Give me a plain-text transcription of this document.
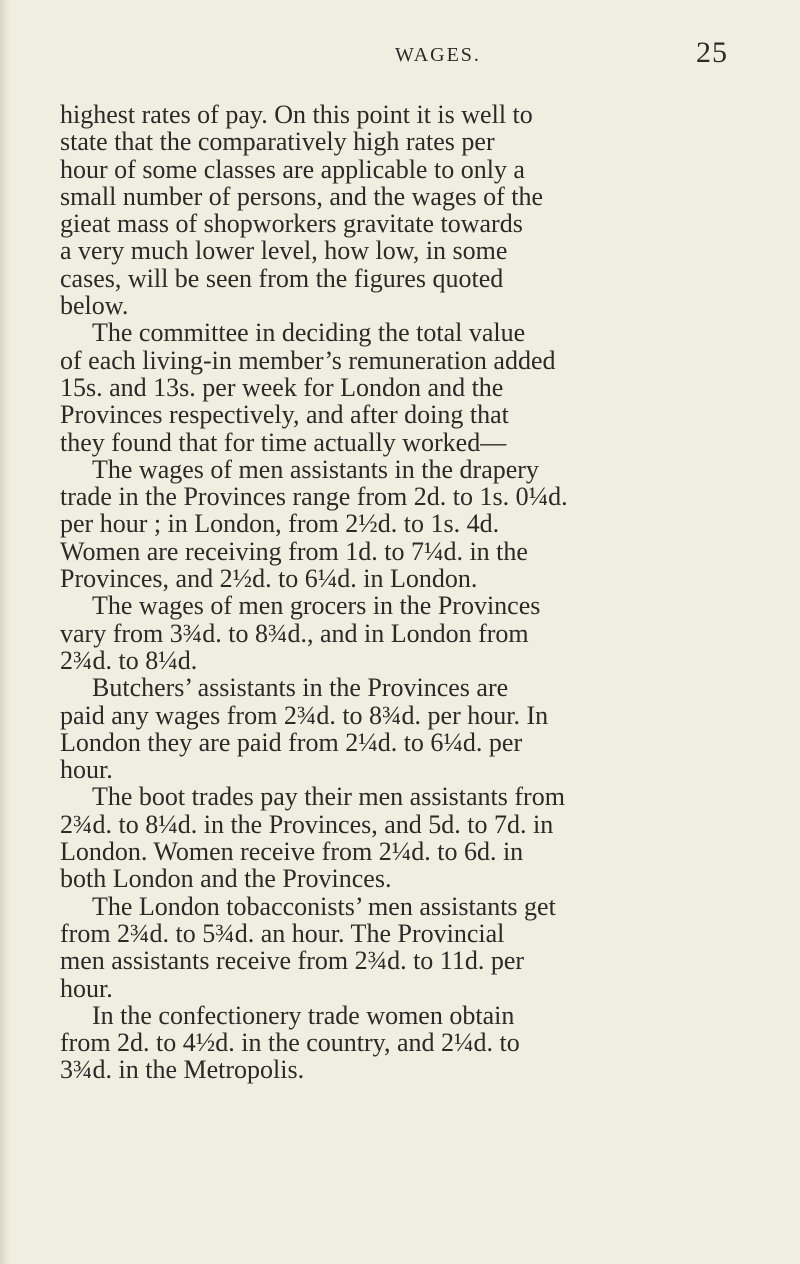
WAGES.	25
highest rates of pay. On this point it is well to
state that the comparatively high rates per
hour of some classes are applicable to only a
small number of persons, and the wages of the
gieat mass of shopworkers gravitate towards
a very much lower level, how low, in some
cases, will be seen from the figures quoted
below.
The committee in deciding the total value
of each living-in member’s remuneration added
15s. and 13s. per week for London and the
Provinces respectively, and after doing that
they found that for time actually worked—
The wages of men assistants in the drapery
trade in the Provinces range from 2d. to 1s. 0¼d.
per hour ; in London, from 2½d. to 1s. 4d.
Women are receiving from 1d. to 7¼d. in the
Provinces, and 2½d. to 6¼d. in London.
The wages of men grocers in the Provinces
vary from 3¾d. to 8¾d., and in London from
2¾d. to 8¼d.
Butchers’ assistants in the Provinces are
paid any wages from 2¾d. to 8¾d. per hour. In
London they are paid from 2¼d. to 6¼d. per
hour.
The boot trades pay their men assistants from
2¾d. to 8¼d. in the Provinces, and 5d. to 7d. in
London. Women receive from 2¼d. to 6d. in
both London and the Provinces.
The London tobacconists’ men assistants get
from 2¾d. to 5¾d. an hour. The Provincial
men assistants receive from 2¾d. to 11d. per
hour.
In the confectionery trade women obtain
from 2d. to 4½d. in the country, and 2¼d. to
3¾d. in the Metropolis.
